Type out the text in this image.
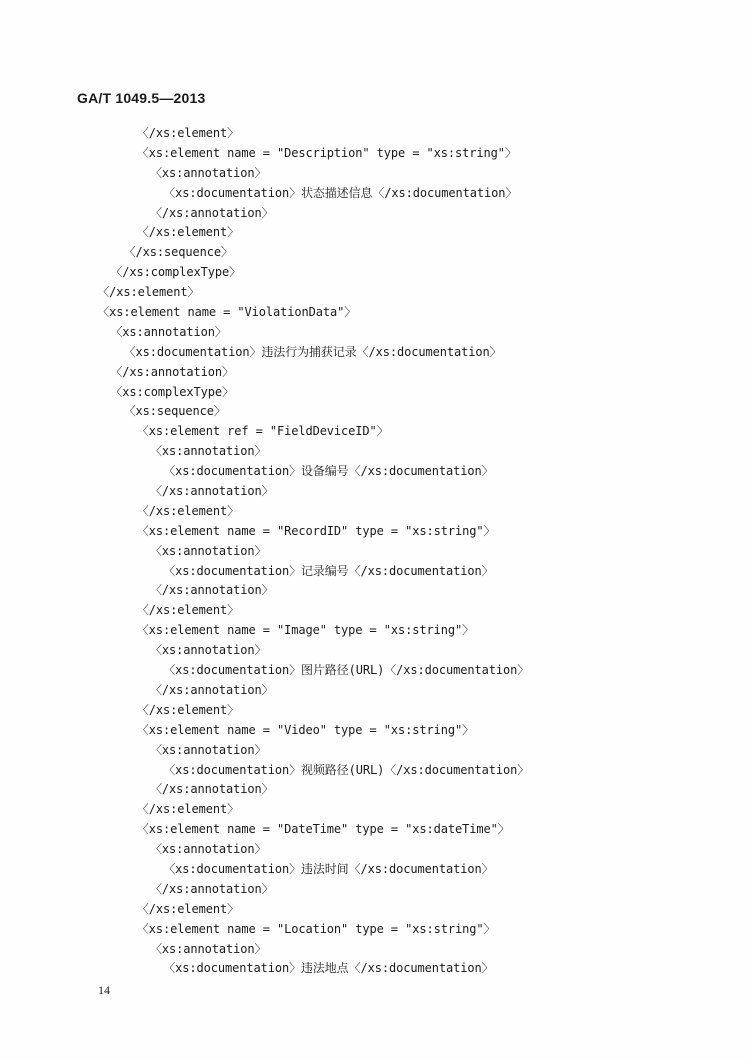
GA/T 1049.5—2013
〈/xs:element〉
〈xs:element name = "Description" type = "xs:string"〉
〈xs:annotation〉
〈xs:documentation〉状态描述信息〈/xs:documentation〉
〈/xs:annotation〉
〈/xs:element〉
〈/xs:sequence〉
〈/xs:complexType〉
〈/xs:element〉
〈xs:element name = "ViolationData"〉
〈xs:annotation〉
〈xs:documentation〉违法行为捕获记录〈/xs:documentation〉
〈/xs:annotation〉
〈xs:complexType〉
〈xs:sequence〉
〈xs:element ref = "FieldDeviceID"〉
〈xs:annotation〉
〈xs:documentation〉设备编号〈/xs:documentation〉
〈/xs:annotation〉
〈/xs:element〉
〈xs:element name = "RecordID" type = "xs:string"〉
〈xs:annotation〉
〈xs:documentation〉记录编号〈/xs:documentation〉
〈/xs:annotation〉
〈/xs:element〉
〈xs:element name = "Image" type = "xs:string"〉
〈xs:annotation〉
〈xs:documentation〉图片路径(URL)〈/xs:documentation〉
〈/xs:annotation〉
〈/xs:element〉
〈xs:element name = "Video" type = "xs:string"〉
〈xs:annotation〉
〈xs:documentation〉视频路径(URL)〈/xs:documentation〉
〈/xs:annotation〉
〈/xs:element〉
〈xs:element name = "DateTime" type = "xs:dateTime"〉
〈xs:annotation〉
〈xs:documentation〉违法时间〈/xs:documentation〉
〈/xs:annotation〉
〈/xs:element〉
〈xs:element name = "Location" type = "xs:string"〉
〈xs:annotation〉
〈xs:documentation〉违法地点〈/xs:documentation〉
14
